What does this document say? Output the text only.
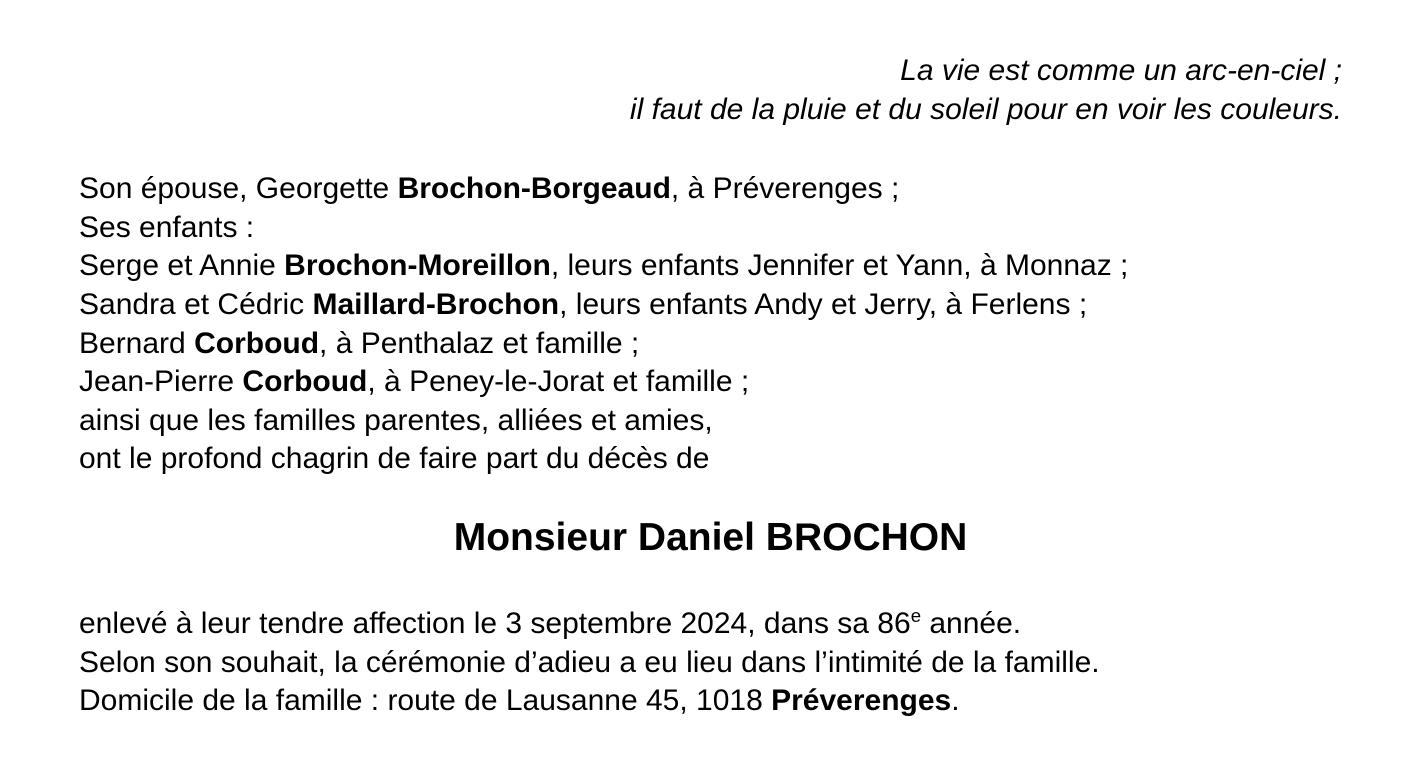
La vie est comme un arc-en-ciel ;
il faut de la pluie et du soleil pour en voir les couleurs.
Son épouse, Georgette Brochon-Borgeaud, à Préverenges ;
Ses enfants :
Serge et Annie Brochon-Moreillon, leurs enfants Jennifer et Yann, à Monnaz ;
Sandra et Cédric Maillard-Brochon, leurs enfants Andy et Jerry, à Ferlens ;
Bernard Corboud, à Penthalaz et famille ;
Jean-Pierre Corboud, à Peney-le-Jorat et famille ;
ainsi que les familles parentes, alliées et amies,
ont le profond chagrin de faire part du décès de
Monsieur Daniel BROCHON
enlevé à leur tendre affection le 3 septembre 2024, dans sa 86e année.
Selon son souhait, la cérémonie d’adieu a eu lieu dans l’intimité de la famille.
Domicile de la famille : route de Lausanne 45, 1018 Préverenges.
